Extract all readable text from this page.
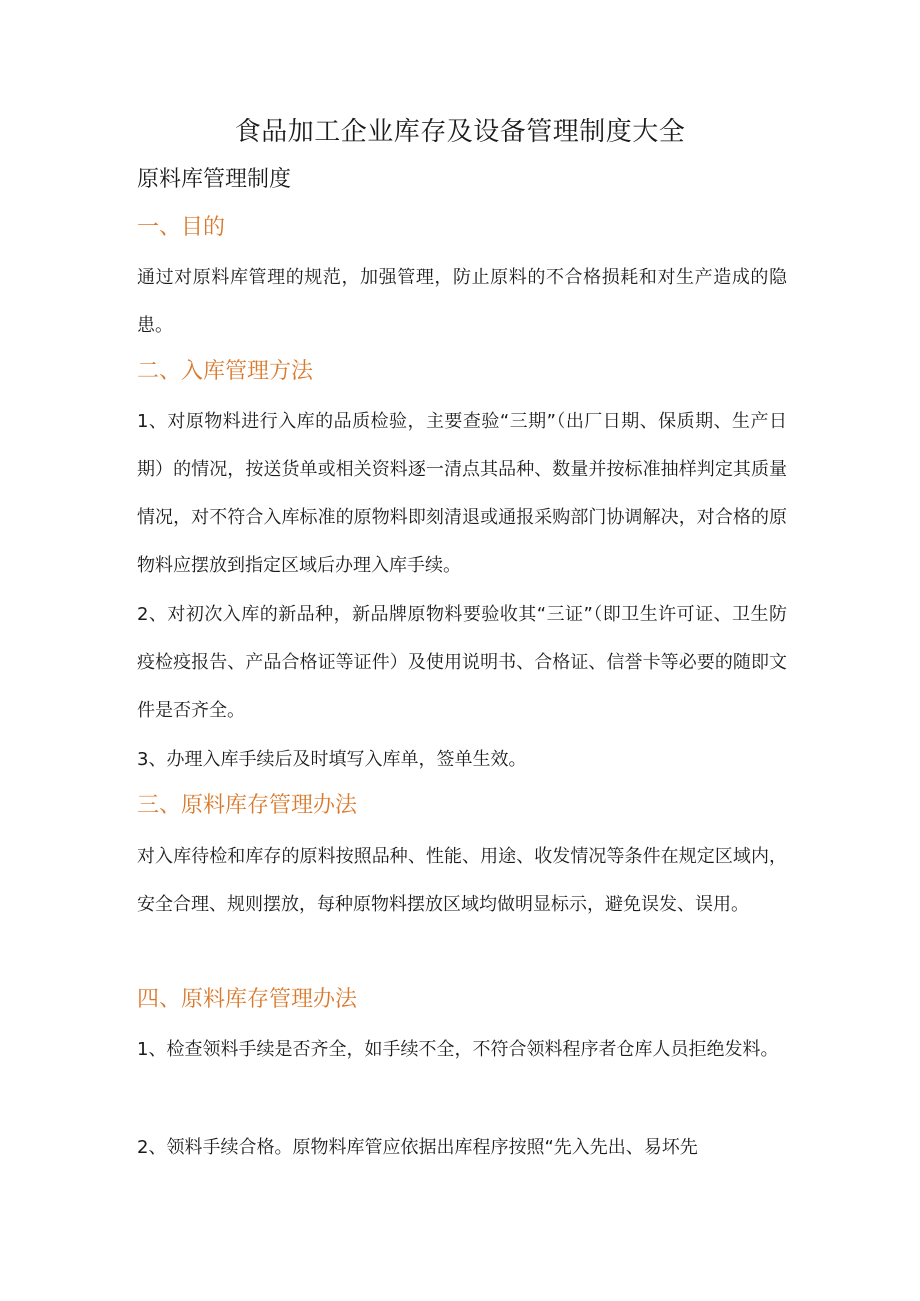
食品加工企业库存及设备管理制度大全
原料库管理制度
一、目的

通过对原料库管理的规范，加强管理，防止原料的不合格损耗和对生产造成的隐患。

二、入库管理方法

1、对原物料进行入库的品质检验，主要查验“三期”（出厂日期、保质期、生产日期）的情况，按送货单或相关资料逐一清点其品种、数量并按标准抽样判定其质量情况，对不符合入库标准的原物料即刻清退或通报采购部门协调解决，对合格的原物料应摆放到指定区域后办理入库手续。

2、对初次入库的新品种，新品牌原物料要验收其“三证”（即卫生许可证、卫生防疫检疫报告、产品合格证等证件）及使用说明书、合格证、信誉卡等必要的随即文件是否齐全。

3、办理入库手续后及时填写入库单，签单生效。

三、原料库存管理办法

对入库待检和库存的原料按照品种、性能、用途、收发情况等条件在规定区域内，安全合理、规则摆放，每种原物料摆放区域均做明显标示，避免误发、误用。

四、原料库存管理办法

1、检查领料手续是否齐全，如手续不全，不符合领料程序者仓库人员拒绝发料。

2、领料手续合格。原物料库管应依据出库程序按照“先入先出、易坏先
